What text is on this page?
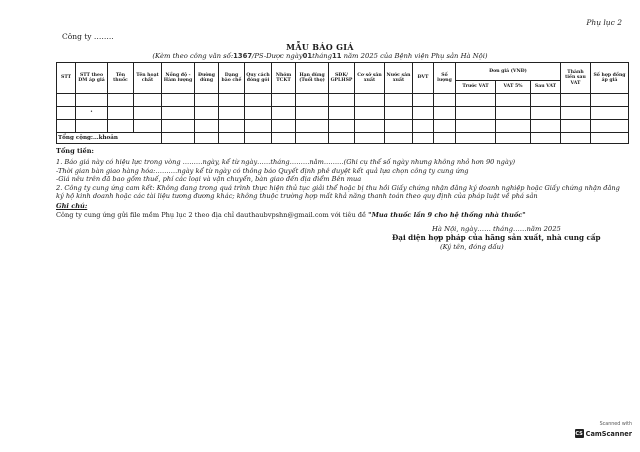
Phụ lục 2
Công ty ……..
MẪU BÁO GIÁ
(Kèm theo công văn số:1367/PS-Dược ngày01tháng11 năm 2025 của Bệnh viện Phụ sản Hà Nội)
STT	STT theo DM áp giá	Tên thuốc	Tên hoạt chất	Nồng độ - Hàm lượng	Đường dùng	Dạng bào chế	Quy cách đóng gói	Nhóm TCKT	Hạn dùng (Tuổi thọ)	SĐK/ GPLHSP	Cơ sở sản xuất	Nước sản xuất	ĐVT	Số lượng	Đơn giá (VNĐ)			Thành tiền sau VAT	Số hợp đồng áp giá
															Trước VAT	VAT 5%	Sau VAT		

	•																		

Tổng cộng:…khoản																			

Tổng tiền:

1. Báo giá này có hiệu lực trong vòng ………ngày, kể từ ngày……tháng………năm………(Ghi cụ thể số ngày nhưng không nhỏ hơn 90 ngày)

-Thời gian bàn giao hàng hóa:……….ngày kể từ ngày có thông báo Quyết định phê duyệt kết quả lựa chọn công ty cung ứng

-Giá nêu trên đã bao gồm thuế, phí các loại và vận chuyển, bàn giao đến địa điểm Bên mua

2. Công ty cung ứng cam kết: Không đang trong quá trình thực hiện thủ tục giải thể hoặc bị thu hồi Giấy chứng nhận đăng ký doanh nghiệp hoặc Giấy chứng nhận đăng ký hộ kinh doanh hoặc các tài liệu tương đương khác; không thuộc trường hợp mất khả năng thanh toán theo quy định của pháp luật về phá sản

Ghi chú:

Công ty cung ứng gửi file mềm Phụ lục 2 theo địa chỉ dauthaubvpshn@gmail.com với tiêu đề "Mua thuốc lần 9 cho hệ thống nhà thuốc"

Hà Nội, ngày…… tháng……năm 2025
Đại diện hợp pháp của hãng sản xuất, nhà cung cấp
(Ký tên, đóng dấu)
Scanned with
CS CamScanner
